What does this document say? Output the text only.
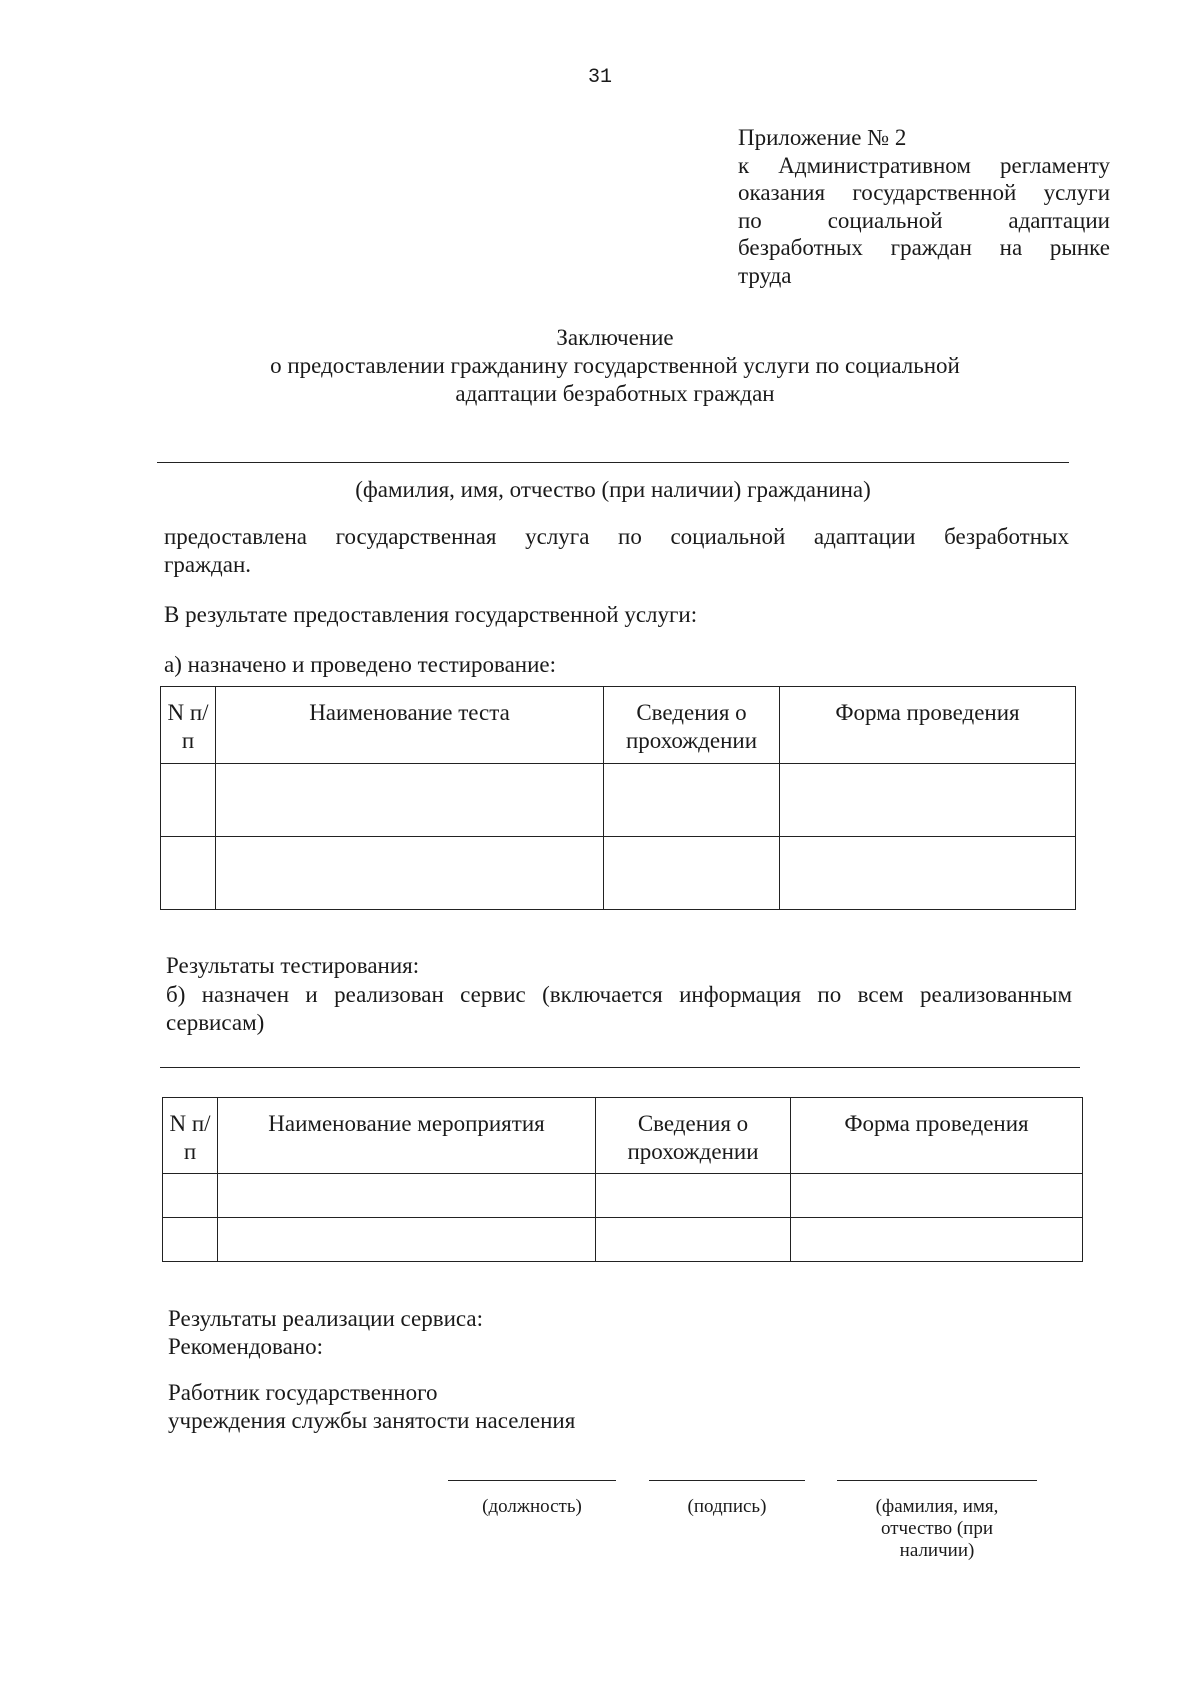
31
Приложение № 2
к Административном регламенту
оказания государственной услуги
по социальной адаптации
безработных граждан на рынке
труда
Заключение
о предоставлении гражданину государственной услуги по социальной
адаптации безработных граждан
(фамилия, имя, отчество (при наличии) гражданина)
предоставлена государственная услуга по социальной адаптации безработных
граждан.
В результате предоставления государственной услуги:
а) назначено и проведено тестирование:
N п/п	Наименование теста	Сведения о прохождении	Форма проведения

Результаты тестирования:
б) назначен и реализован сервис (включается информация по всем реализованным
сервисам)
N п/п	Наименование мероприятия	Сведения о прохождении	Форма проведения

Результаты реализации сервиса:
Рекомендовано:
Работник государственного
учреждения службы занятости населения
(должность)	(подпись)	(фамилия, имя,
отчество (при
наличии)
